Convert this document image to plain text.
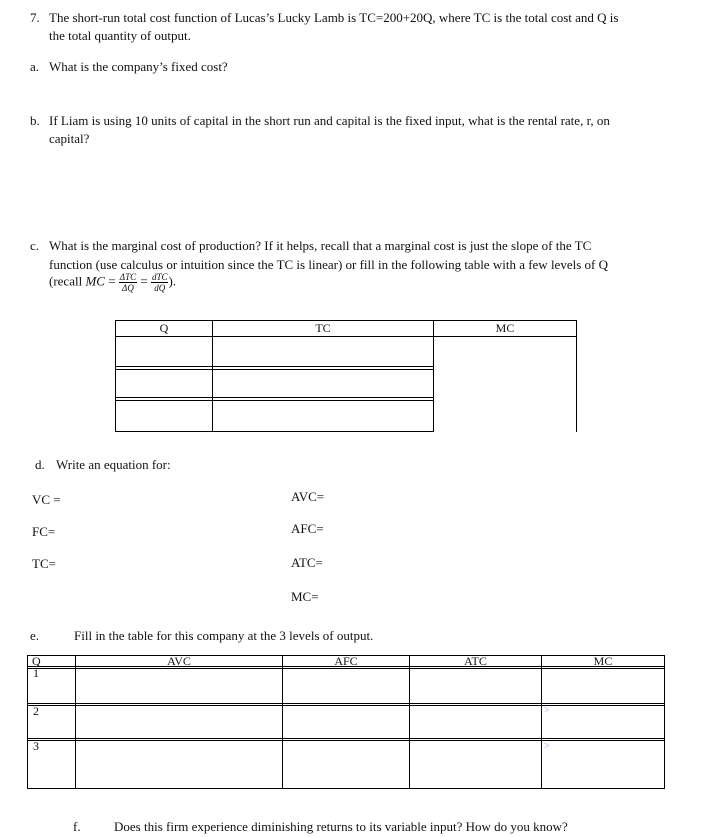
7. The short-run total cost function of Lucas’s Lucky Lamb is TC=200+20Q, where TC is the total cost and Q is
the total quantity of output.
a. What is the company’s fixed cost?
b. If Liam is using 10 units of capital in the short run and capital is the fixed input, what is the rental rate, r, on
capital?
c. What is the marginal cost of production? If it helps, recall that a marginal cost is just the slope of the TC
function (use calculus or intuition since the TC is linear) or fill in the following table with a few levels of Q
(recall MC = $\frac{\text{ΔTC}}{\Delta Q} = \frac{\text{dTC}}{dQ}$ ).
Q	TC	MC
d. Write an equation for:
VC =	AVC=
FC=	AFC=
TC=	ATC=
MC=
e.	Fill in the table for this company at the 3 levels of output.
Q	AVC	AFC	ATC	MC
1
2
3
>
>
f.	Does this firm experience diminishing returns to its variable input? How do you know?
